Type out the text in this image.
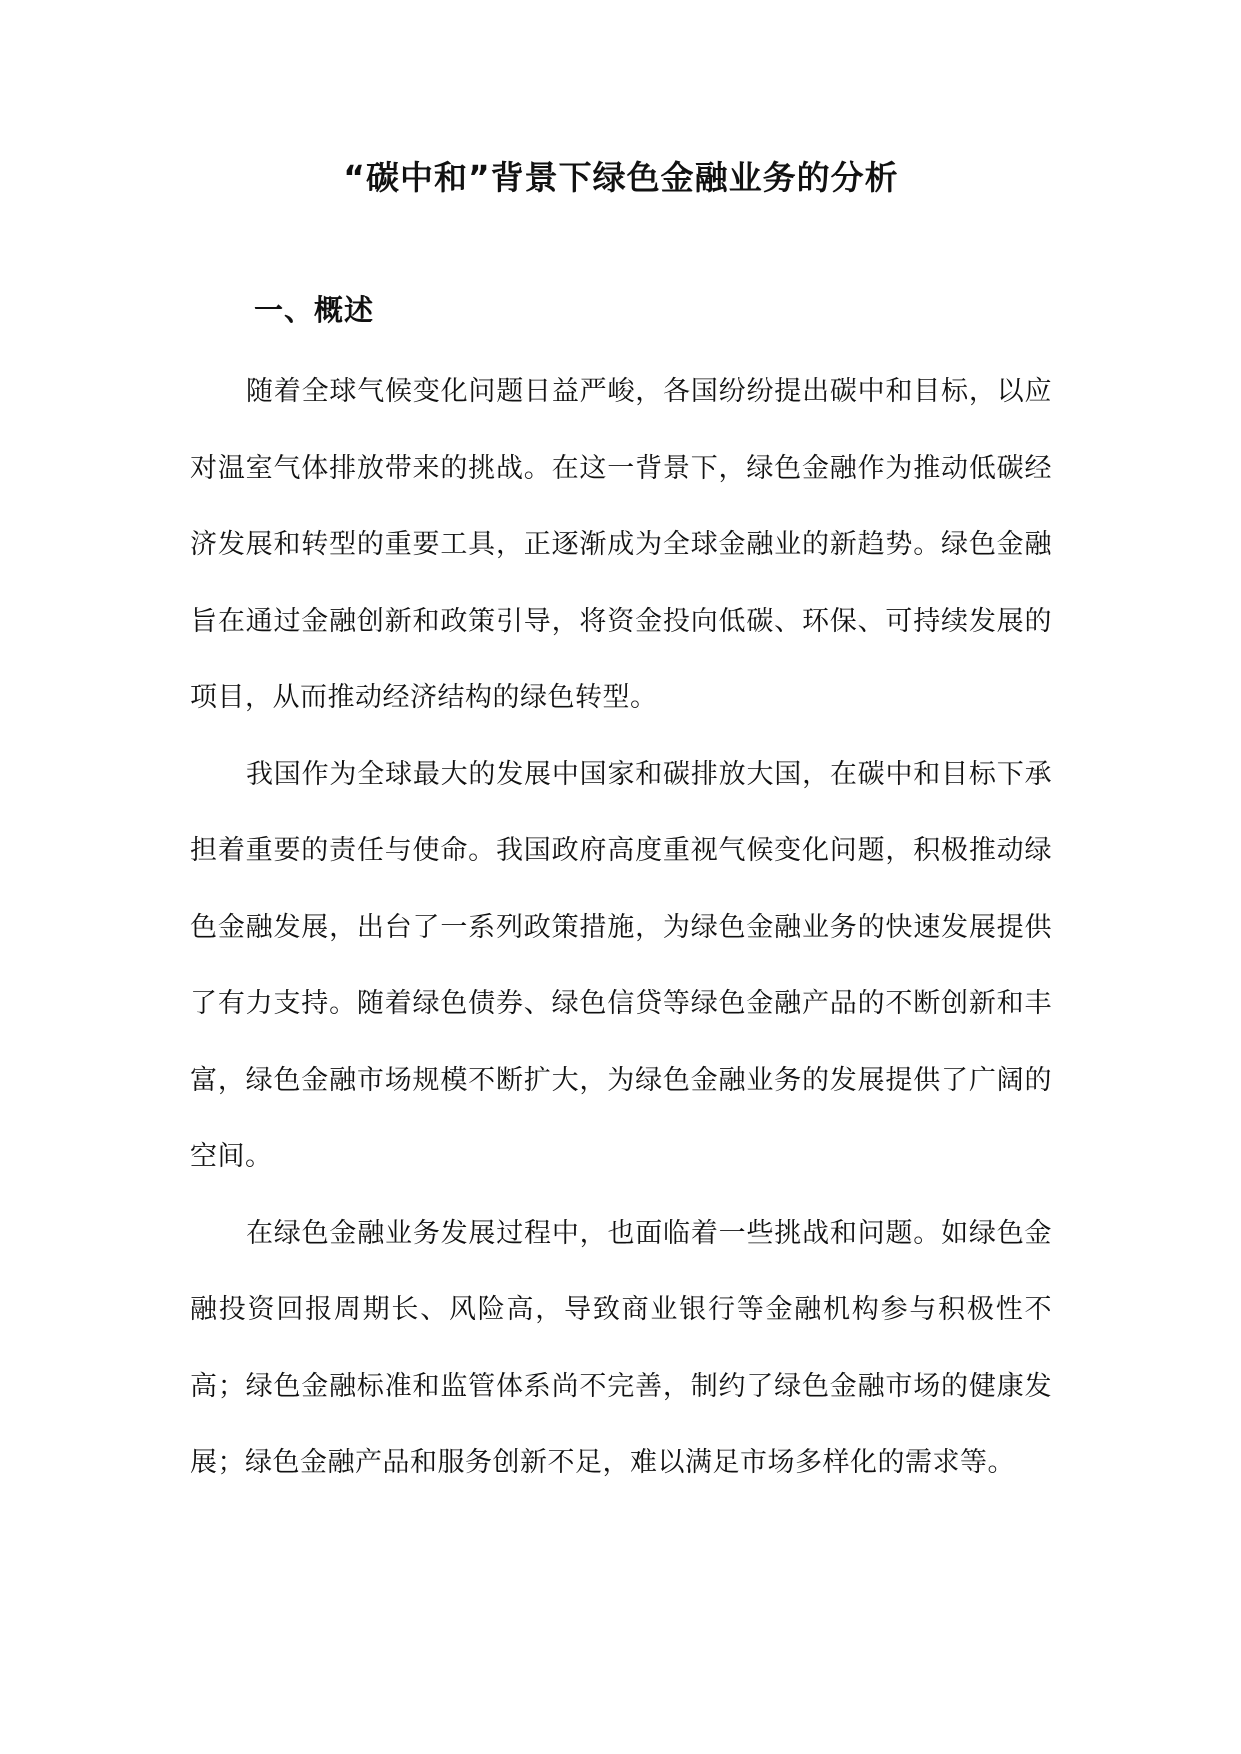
“碳中和”背景下绿色金融业务的分析
一、概述

随着全球气候变化问题日益严峻，各国纷纷提出碳中和目标，以应对温室气体排放带来的挑战。在这一背景下，绿色金融作为推动低碳经济发展和转型的重要工具，正逐渐成为全球金融业的新趋势。绿色金融旨在通过金融创新和政策引导，将资金投向低碳、环保、可持续发展的项目，从而推动经济结构的绿色转型。

我国作为全球最大的发展中国家和碳排放大国，在碳中和目标下承担着重要的责任与使命。我国政府高度重视气候变化问题，积极推动绿色金融发展，出台了一系列政策措施，为绿色金融业务的快速发展提供了有力支持。随着绿色债券、绿色信贷等绿色金融产品的不断创新和丰富，绿色金融市场规模不断扩大，为绿色金融业务的发展提供了广阔的空间。

在绿色金融业务发展过程中，也面临着一些挑战和问题。如绿色金融投资回报周期长、风险高，导致商业银行等金融机构参与积极性不高；绿色金融标准和监管体系尚不完善，制约了绿色金融市场的健康发展；绿色金融产品和服务创新不足，难以满足市场多样化的需求等。
